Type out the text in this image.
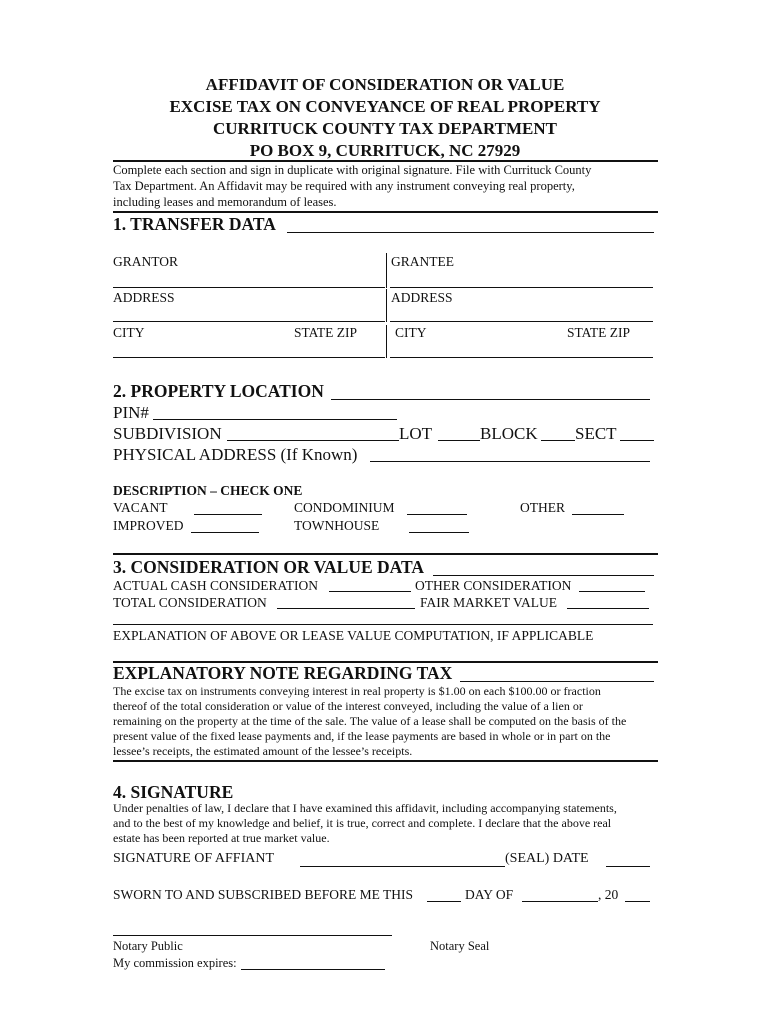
AFFIDAVIT OF CONSIDERATION OR VALUE
EXCISE TAX ON CONVEYANCE OF REAL PROPERTY
CURRITUCK COUNTY TAX DEPARTMENT
PO BOX 9, CURRITUCK, NC 27929
Complete each section and sign in duplicate with original signature. File with Currituck County
Tax Department. An Affidavit may be required with any instrument conveying real property,
including leases and memorandum of leases.
1. TRANSFER DATA
GRANTOR	GRANTEE
ADDRESS	ADDRESS
CITY	STATE ZIP	CITY	STATE ZIP
2. PROPERTY LOCATION
PIN#
SUBDIVISION	LOT	BLOCK SECT
PHYSICAL ADDRESS (If Known)
DESCRIPTION – CHECK ONE
VACANT	CONDOMINIUM	OTHER
IMPROVED	TOWNHOUSE
3. CONSIDERATION OR VALUE DATA
ACTUAL CASH CONSIDERATION	OTHER CONSIDERATION
TOTAL CONSIDERATION	FAIR MARKET VALUE
EXPLANATION OF ABOVE OR LEASE VALUE COMPUTATION, IF APPLICABLE
EXPLANATORY NOTE REGARDING TAX
The excise tax on instruments conveying interest in real property is $1.00 on each $100.00 or fraction
thereof of the total consideration or value of the interest conveyed, including the value of a lien or
remaining on the property at the time of the sale. The value of a lease shall be computed on the basis of the
present value of the fixed lease payments and, if the lease payments are based in whole or in part on the
lessee’s receipts, the estimated amount of the lessee’s receipts.
4. SIGNATURE
Under penalties of law, I declare that I have examined this affidavit, including accompanying statements,
and to the best of my knowledge and belief, it is true, correct and complete. I declare that the above real
estate has been reported at true market value.
SIGNATURE OF AFFIANT	(SEAL) DATE
SWORN TO AND SUBSCRIBED BEFORE ME THIS	DAY OF	, 20
Notary Public	Notary Seal
My commission expires:
